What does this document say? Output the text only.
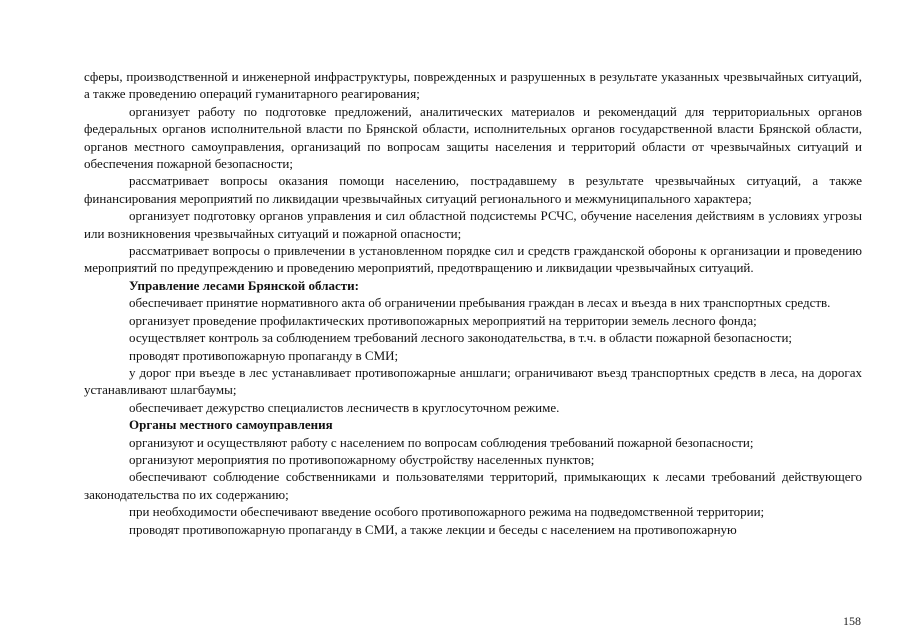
сферы, производственной и инженерной инфраструктуры, поврежденных и разрушенных в результате указанных чрезвычайных ситуаций, а также проведению операций гуманитарного реагирования;

организует работу по подготовке предложений, аналитических материалов и рекомендаций для территориальных органов федеральных органов исполнительной власти по Брянской области, исполнительных органов государственной власти Брянской области, органов местного самоуправления, организаций по вопросам защиты населения и территорий области от чрезвычайных ситуаций и обеспечения пожарной безопасности;

рассматривает вопросы оказания помощи населению, пострадавшему в результате чрезвычайных ситуаций, а также финансирования мероприятий по ликвидации чрезвычайных ситуаций регионального и межмуниципального характера;

организует подготовку органов управления и сил областной подсистемы РСЧС, обучение населения действиям в условиях угрозы или возникновения чрезвычайных ситуаций и пожарной опасности;

рассматривает вопросы о привлечении в установленном порядке сил и средств гражданской обороны к организации и проведению мероприятий по предупреждению и проведению мероприятий, предотвращению и ликвидации чрезвычайных ситуаций.

Управление лесами Брянской области:

обеспечивает принятие нормативного акта об ограничении пребывания граждан в лесах и въезда в них транспортных средств.

организует проведение профилактических противопожарных мероприятий на территории земель лесного фонда;

осуществляет контроль за соблюдением требований лесного законодательства, в т.ч. в области пожарной безопасности;

проводят противопожарную пропаганду в СМИ;

у дорог при въезде в лес устанавливает противопожарные аншлаги; ограничивают въезд транспортных средств в леса, на дорогах устанавливают шлагбаумы;

обеспечивает дежурство специалистов лесничеств в круглосуточном режиме.

Органы местного самоуправления

организуют и осуществляют работу с населением по вопросам соблюдения требований пожарной безопасности;

организуют мероприятия по противопожарному обустройству населенных пунктов;

обеспечивают соблюдение собственниками и пользователями территорий, примыкающих к лесами требований действующего законодательства по их содержанию;

при необходимости обеспечивают введение особого противопожарного режима на подведомственной территории;

проводят противопожарную пропаганду в СМИ, а также лекции и беседы с населением на противопожарную

158
